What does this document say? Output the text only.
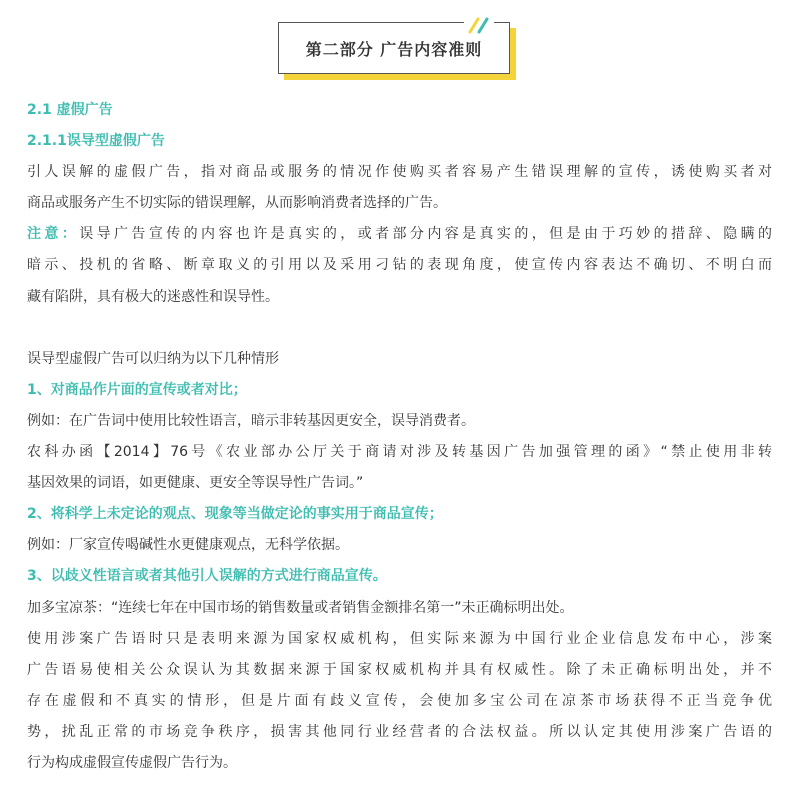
第二部分 广告内容准则
2.1 虚假广告
2.1.1误导型虚假广告
引人误解的虚假广告，指对商品或服务的情况作使购买者容易产生错误理解的宣传，诱使购买者对
商品或服务产生不切实际的错误理解，从而影响消费者选择的广告。
注意：误导广告宣传的内容也许是真实的，或者部分内容是真实的，但是由于巧妙的措辞、隐瞒的
暗示、投机的省略、断章取义的引用以及采用刁钻的表现角度，使宣传内容表达不确切、不明白而
藏有陷阱，具有极大的迷惑性和误导性。
误导型虚假广告可以归纳为以下几种情形
1、对商品作片面的宣传或者对比；
例如：在广告词中使用比较性语言，暗示非转基因更安全，误导消费者。
农科办函【2014】76号《农业部办公厅关于商请对涉及转基因广告加强管理的函》“禁止使用非转
基因效果的词语，如更健康、更安全等误导性广告词。”
2、将科学上未定论的观点、现象等当做定论的事实用于商品宣传；
例如：厂家宣传喝碱性水更健康观点，无科学依据。
3、以歧义性语言或者其他引人误解的方式进行商品宣传。
加多宝凉茶：“连续七年在中国市场的销售数量或者销售金额排名第一”未正确标明出处。
使用涉案广告语时只是表明来源为国家权威机构，但实际来源为中国行业企业信息发布中心，涉案
广告语易使相关公众误认为其数据来源于国家权威机构并具有权威性。除了未正确标明出处，并不
存在虚假和不真实的情形，但是片面有歧义宣传，会使加多宝公司在凉茶市场获得不正当竞争优
势，扰乱正常的市场竞争秩序，损害其他同行业经营者的合法权益。所以认定其使用涉案广告语的
行为构成虚假宣传虚假广告行为。
